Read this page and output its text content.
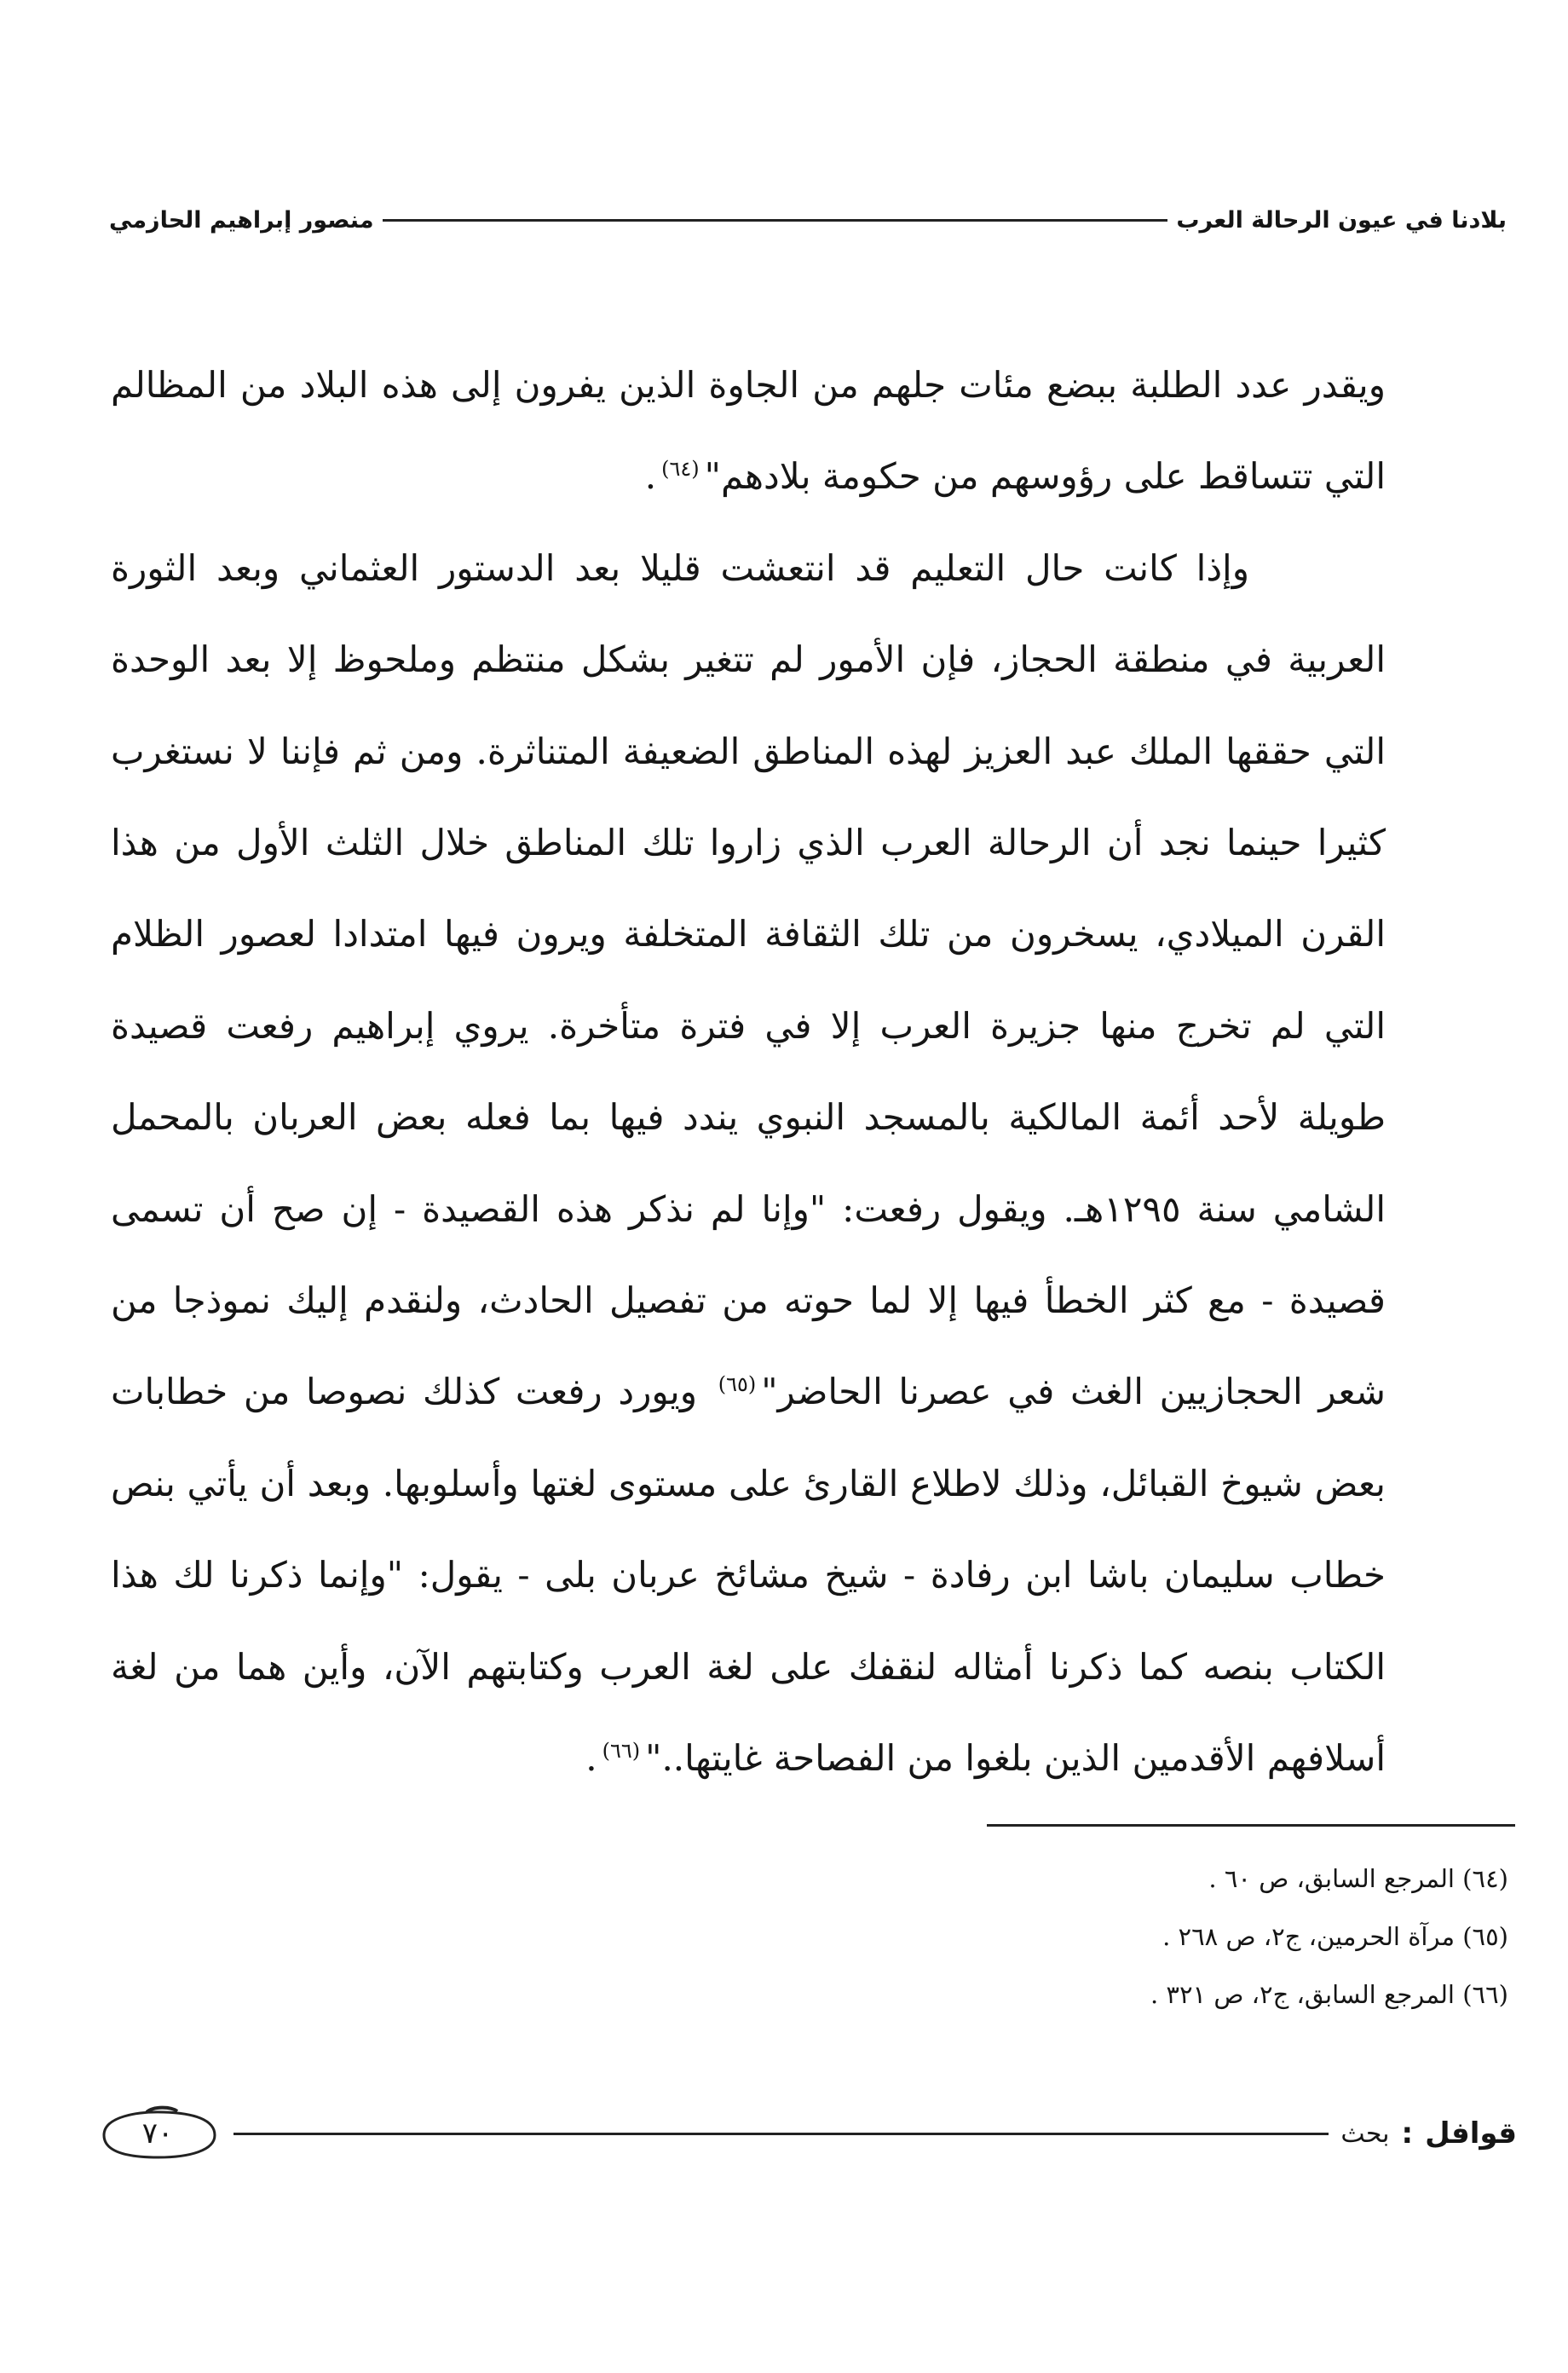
بلادنا في عيون الرحالة العرب
منصور إبراهيم الحازمي

ويقدر عدد الطلبة ببضع مئات جلهم من الجاوة الذين يفرون إلى هذه البلاد من المظالم التي تتساقط على رؤوسهم من حكومة بلادهم"$^{(٦٤)}$.

وإذا كانت حال التعليم قد انتعشت قليلا بعد الدستور العثماني وبعد الثورة العربية في منطقة الحجاز، فإن الأمور لم تتغير بشكل منتظم وملحوظ إلا بعد الوحدة التي حققها الملك عبد العزيز لهذه المناطق الضعيفة المتناثرة. ومن ثم فإننا لا نستغرب كثيرا حينما نجد أن الرحالة العرب الذي زاروا تلك المناطق خلال الثلث الأول من هذا القرن الميلادي، يسخرون من تلك الثقافة المتخلفة ويرون فيها امتدادا لعصور الظلام التي لم تخرج منها جزيرة العرب إلا في فترة متأخرة. يروي إبراهيم رفعت قصيدة طويلة لأحد أئمة المالكية بالمسجد النبوي يندد فيها بما فعله بعض العربان بالمحمل الشامي سنة ١٢٩٥هـ. ويقول رفعت: "وإنا لم نذكر هذه القصيدة - إن صح أن تسمى قصيدة - مع كثر الخطأ فيها إلا لما حوته من تفصيل الحادث، ولنقدم إليك نموذجا من شعر الحجازيين الغث في عصرنا الحاضر"$^{(٦٥)}$ ويورد رفعت كذلك نصوصا من خطابات بعض شيوخ القبائل، وذلك لاطلاع القارئ على مستوى لغتها وأسلوبها. وبعد أن يأتي بنص خطاب سليمان باشا ابن رفادة - شيخ مشائخ عربان بلى - يقول: "وإنما ذكرنا لك هذا الكتاب بنصه كما ذكرنا أمثاله لنقفك على لغة العرب وكتابتهم الآن، وأين هما من لغة أسلافهم الأقدمين الذين بلغوا من الفصاحة غايتها.."$^{(٦٦)}$.

(٦٤) المرجع السابق، ص ٦٠ .
(٦٥) مرآة الحرمين، ج٢، ص ٢٦٨ .
(٦٦) المرجع السابق، ج٢، ص ٣٢١ .
قوافل
:
بحث
٧٠
